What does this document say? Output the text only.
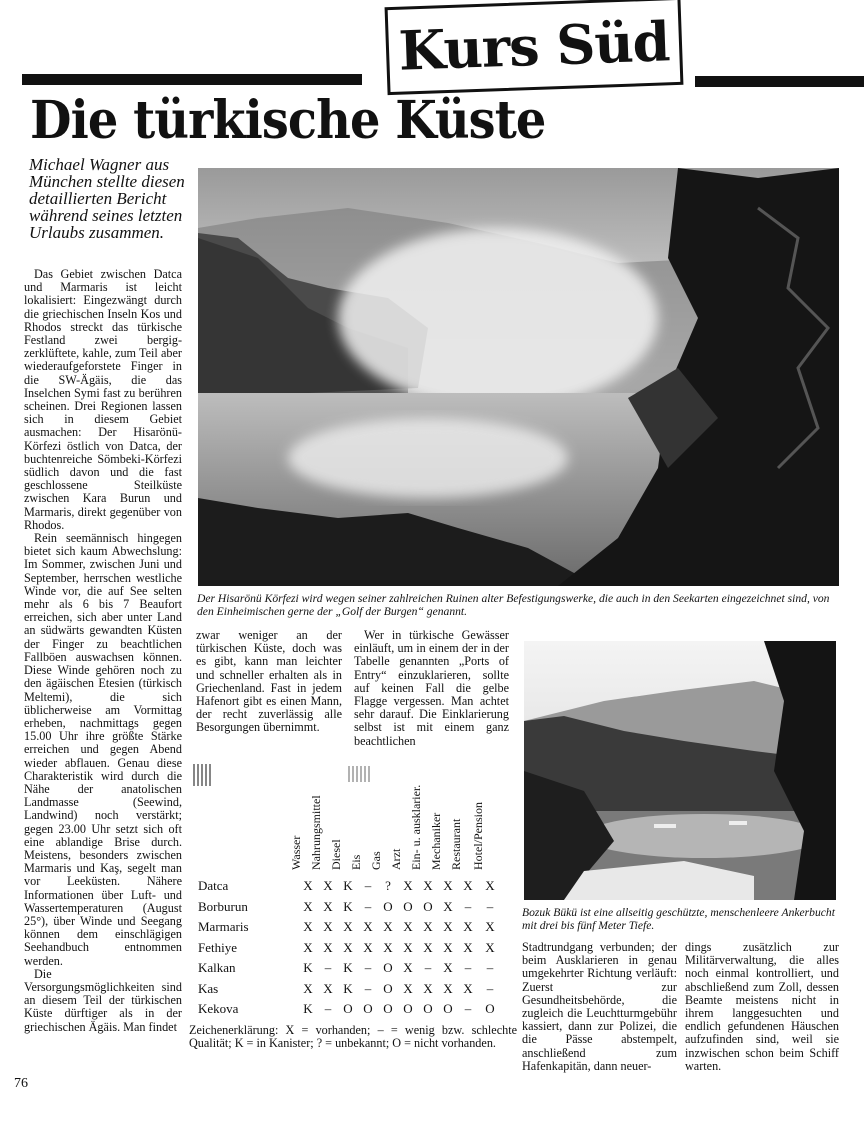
Kurs Süd
Die türkische Küste
Michael Wagner aus München stellte diesen detaillierten Bericht während seines letzten Urlaubs zusammen.

Das Gebiet zwischen Datca und Marmaris ist leicht lokalisiert: Eingezwängt durch die griechischen Inseln Kos und Rhodos streckt das türkische Festland zwei bergig-zerklüftete, kahle, zum Teil aber wiederaufgeforstete Finger in die SW-Ägäis, die das Inselchen Symi fast zu berühren scheinen. Drei Regionen lassen sich in diesem Gebiet ausmachen: Der Hisarönü-Körfezi östlich von Datca, der buchtenreiche Sömbeki-Körfezi südlich davon und die fast geschlossene Steilküste zwischen Kara Burun und Marmaris, direkt gegenüber von Rhodos.

Rein seemännisch hingegen bietet sich kaum Abwechslung: Im Sommer, zwischen Juni und September, herrschen westliche Winde vor, die auf See selten mehr als 6 bis 7 Beaufort erreichen, sich aber unter Land an südwärts gewandten Küsten der Finger zu beachtlichen Fallböen auswachsen können. Diese Winde gehören noch zu den ägäischen Etesien (türkisch Meltemi), die sich üblicherweise am Vormittag erheben, nachmittags gegen 15.00 Uhr ihre größte Stärke erreichen und gegen Abend wieder abflauen. Genau diese Charakteristik wird durch die Nähe der anatolischen Landmasse (Seewind, Landwind) noch verstärkt; gegen 23.00 Uhr setzt sich oft eine ablandige Brise durch. Meistens, besonders zwischen Marmaris und Kaş, segelt man vor Leeküsten. Nähere Informationen über Luft- und Wassertemperaturen (August 25°), über Winde und Seegang können dem einschlägigen Seehandbuch entnommen werden.

Die Versorgungsmöglichkeiten sind an diesem Teil der türkischen Küste dürftiger als in der griechischen Ägäis. Man findet

Der Hisarönü Körfezi wird wegen seiner zahlreichen Ruinen alter Befestigungswerke, die auch in den Seekarten eingezeichnet sind, von den Einheimischen gerne der „Golf der Burgen“ genannt.

zwar weniger an der türkischen Küste, doch was es gibt, kann man leichter und schneller erhalten als in Griechenland. Fast in jedem Hafenort gibt es einen Mann, der recht zuverlässig alle Besorgungen übernimmt.

Wer in türkische Gewässer einläuft, um in einem der in der Tabelle genannten „Ports of Entry“ einzuklarieren, sollte auf keinen Fall die gelbe Flagge vergessen. Man achtet sehr darauf. Die Einklarierung selbst ist mit einem ganz beachtlichen

Wasser Nahrungsmittel Diesel Eis Gas Arzt Ein- u. ausklarier. Mechaniker Restaurant Hotel/Pension
Datca	X X K –	? X X X X X
Borburun	X X K – O O O X –	–
Marmaris	X X X X X X X X X X
Fethiye	X X X X X X X X X X
Kalkan	K – K – O X – X –	–
Kas	X X K – O X X X X	–
Kekova	K – O O O O O O –	O
Zeichenerklärung: X = vorhanden; – = wenig bzw. schlechte Qualität; K = in Kanister; ? = unbekannt; O = nicht vorhanden.
Bozuk Bükü ist eine allseitig geschützte, menschenleere Ankerbucht mit drei bis fünf Meter Tiefe.

Stadtrundgang verbunden; der beim Ausklarieren in genau umgekehrter Richtung verläuft: Zuerst zur Gesundheitsbehörde, die zugleich die Leuchtturmgebühr kassiert, dann zur Polizei, die die Pässe abstempelt, anschließend zum Hafenkapitän, dann neuer-

dings zusätzlich zur Militärverwaltung, die alles noch einmal kontrolliert, und abschließend zum Zoll, dessen Beamte meistens nicht in ihrem langgesuchten und endlich gefundenen Häuschen aufzufinden sind, weil sie inzwischen schon beim Schiff warten.

76
